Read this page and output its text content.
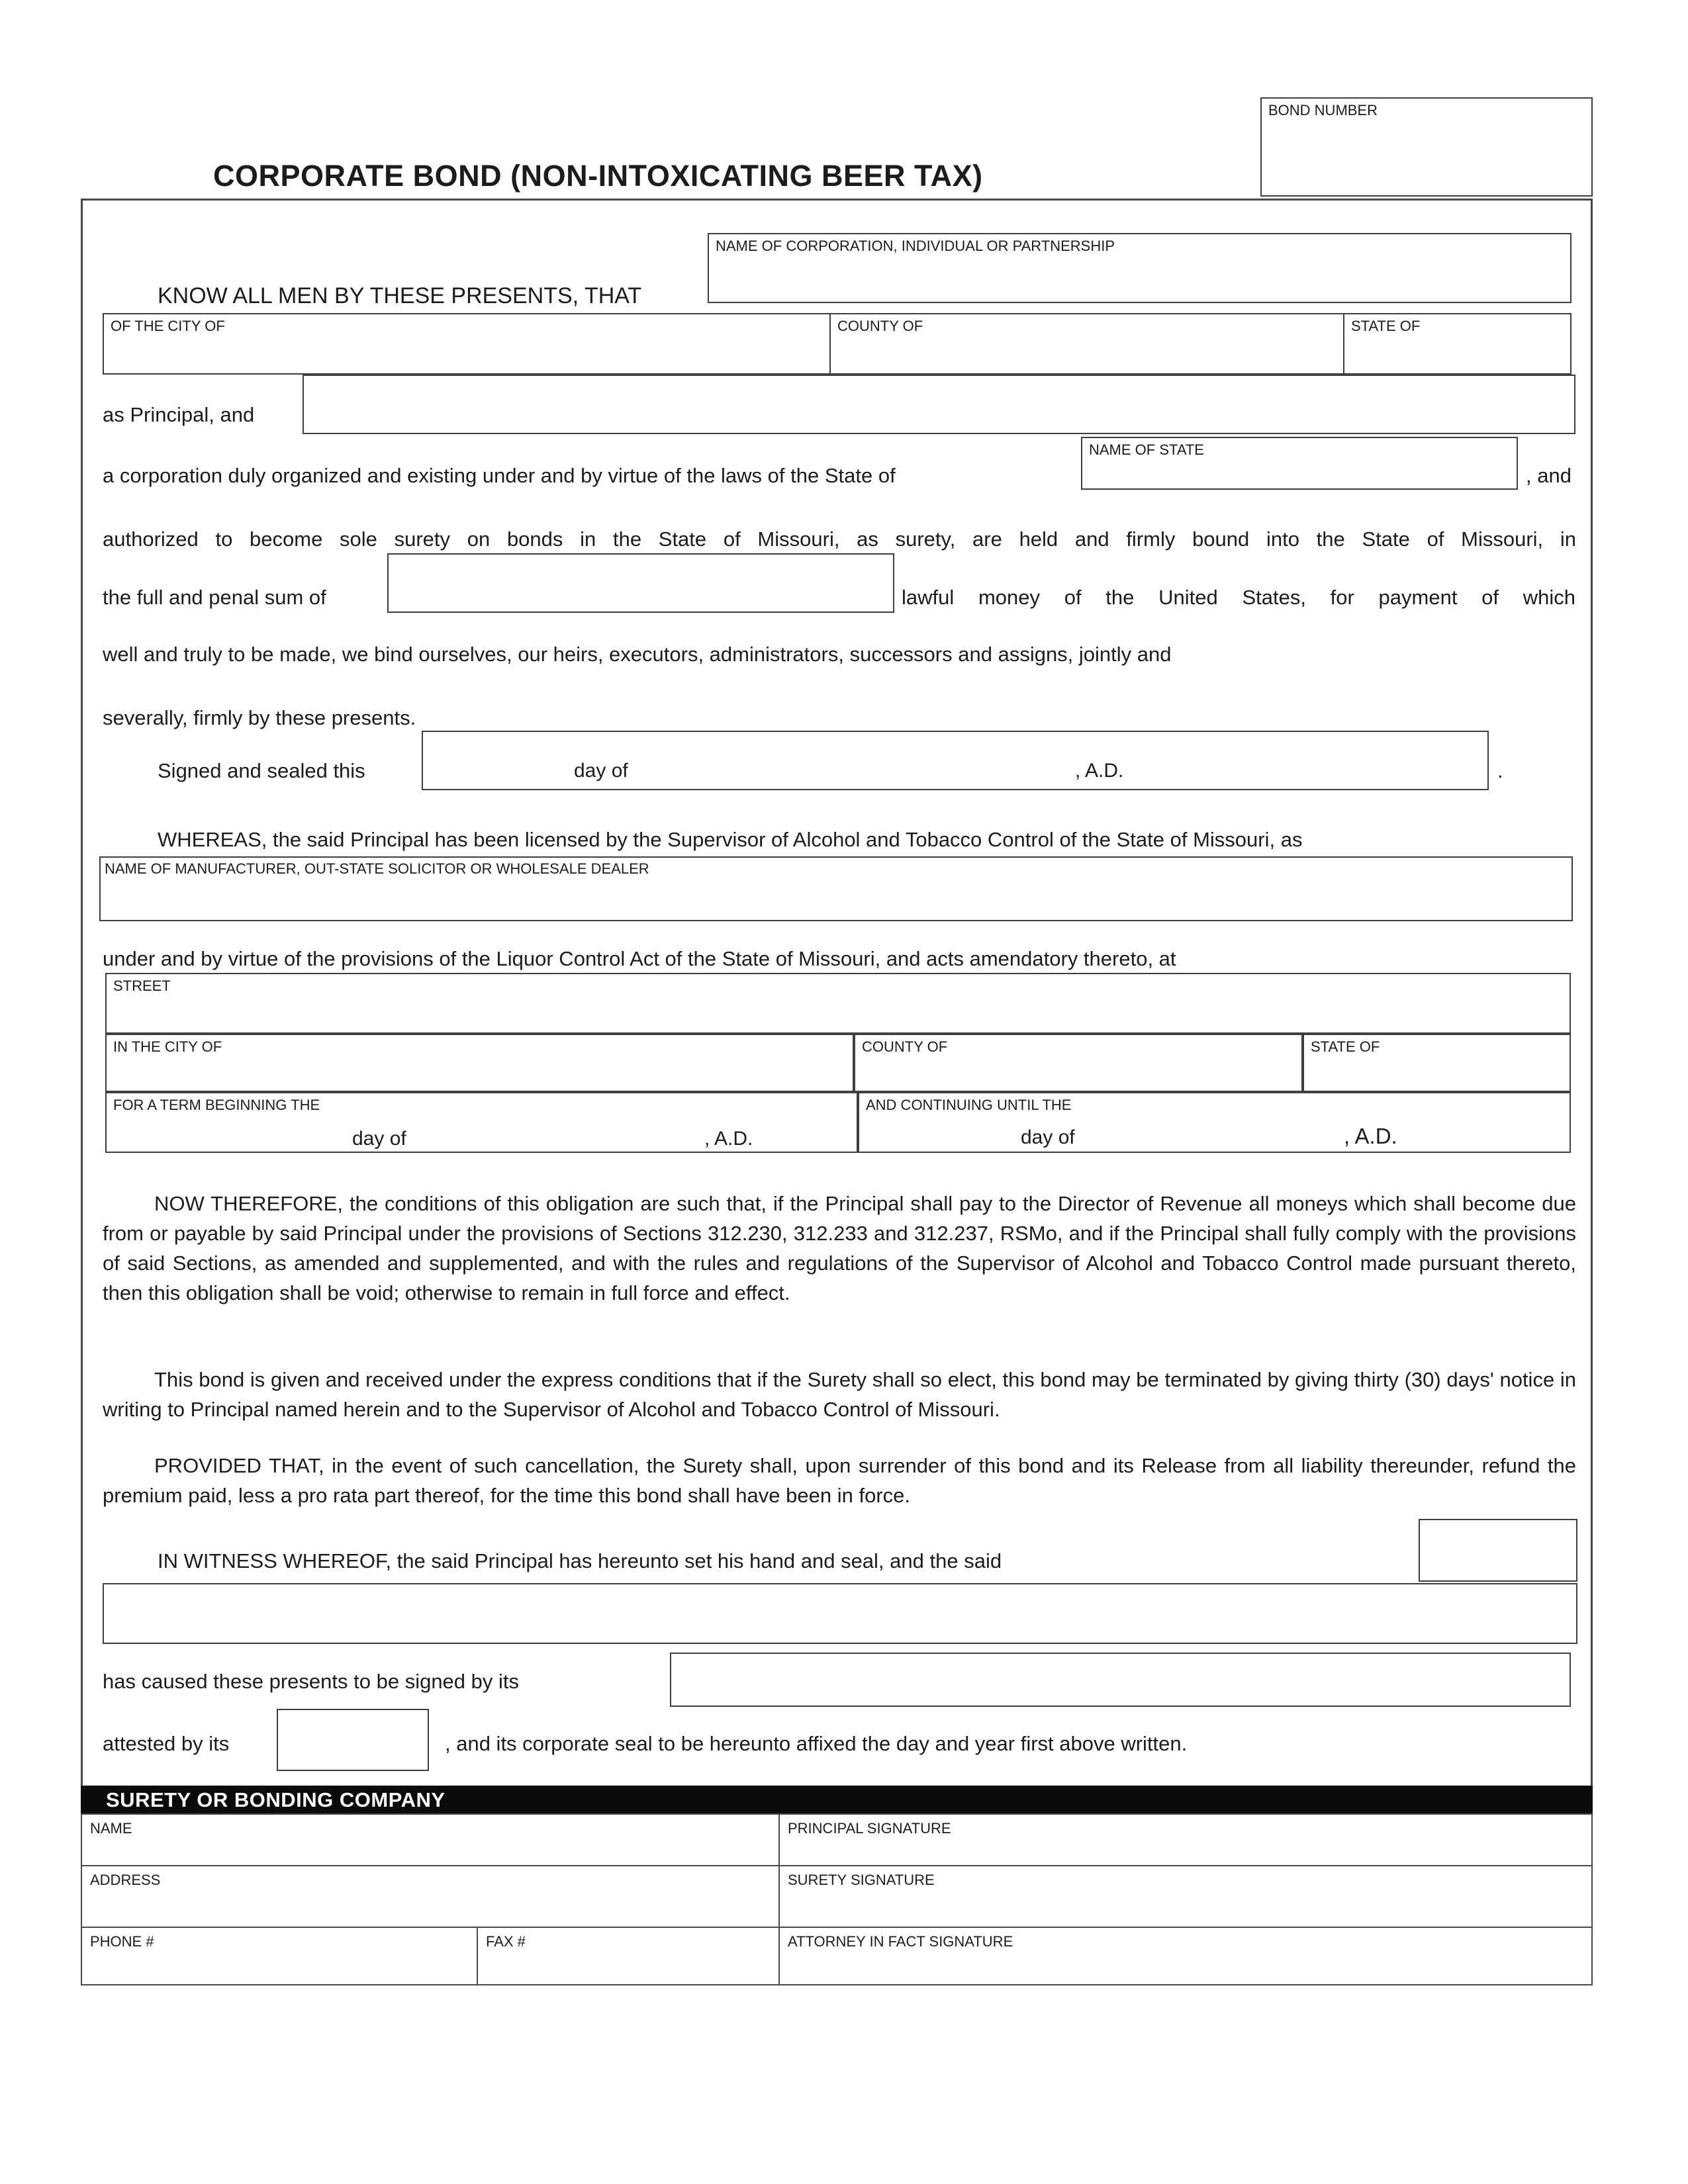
BOND NUMBER
CORPORATE BOND (NON-INTOXICATING BEER TAX)
NAME OF CORPORATION, INDIVIDUAL OR PARTNERSHIP
KNOW ALL MEN BY THESE PRESENTS, THAT
OF THE CITY OF	COUNTY OF	STATE OF
as Principal, and
NAME OF STATE
a corporation duly organized and existing under and by virtue of the laws of the State of	, and
authorized to become sole surety on bonds in the State of Missouri, as surety, are held and firmly bound into the State of Missouri, in
the full and penal sum of	lawful money of the United States, for payment of which
well and truly to be made, we bind ourselves, our heirs, executors, administrators, successors and assigns, jointly and
severally, firmly by these presents.
day of	, A.D.
Signed and sealed this	.
WHEREAS, the said Principal has been licensed by the Supervisor of Alcohol and Tobacco Control of the State of Missouri, as
NAME OF MANUFACTURER, OUT-STATE SOLICITOR OR WHOLESALE DEALER
under and by virtue of the provisions of the Liquor Control Act of the State of Missouri, and acts amendatory thereto, at
STREET
IN THE CITY OF	COUNTY OF	STATE OF
FOR A TERM BEGINNING THE
day of	, A.D.
AND CONTINUING UNTIL THE
day of	, A.D.
NOW THEREFORE, the conditions of this obligation are such that, if the Principal shall pay to the Director of Revenue all moneys which shall become due from or payable by said Principal under the provisions of Sections 312.230, 312.233 and 312.237, RSMo, and if the Principal shall fully comply with the provisions of said Sections, as amended and supplemented, and with the rules and regulations of the Supervisor of Alcohol and Tobacco Control made pursuant thereto, then this obligation shall be void; otherwise to remain in full force and effect.
This bond is given and received under the express conditions that if the Surety shall so elect, this bond may be terminated by giving thirty (30) days' notice in writing to Principal named herein and to the Supervisor of Alcohol and Tobacco Control of Missouri.
PROVIDED THAT, in the event of such cancellation, the Surety shall, upon surrender of this bond and its Release from all liability thereunder, refund the premium paid, less a pro rata part thereof, for the time this bond shall have been in force.
IN WITNESS WHEREOF, the said Principal has hereunto set his hand and seal, and the said
has caused these presents to be signed by its
attested by its	, and its corporate seal to be hereunto affixed the day and year first above written.
SURETY OR BONDING COMPANY
NAME	PRINCIPAL SIGNATURE
ADDRESS	SURETY SIGNATURE
PHONE #	FAX #	ATTORNEY IN FACT SIGNATURE
